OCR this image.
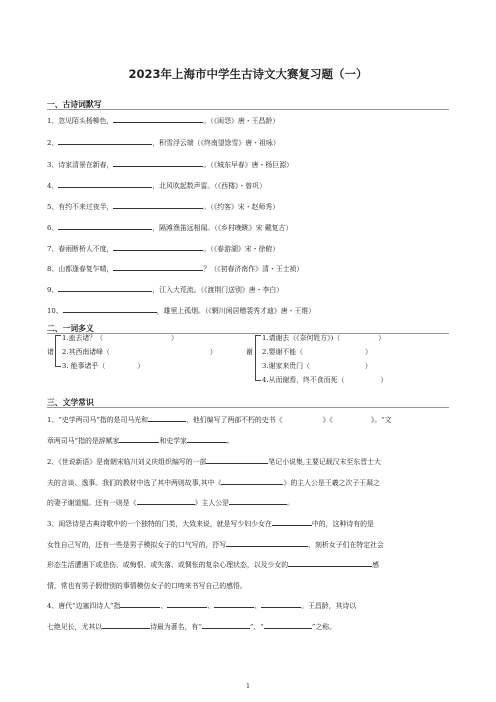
2023年上海市中学生古诗文大赛复习题（一）
一、古诗词默写
1、忽见陌头杨柳色，	。（《闺怨》唐・王昌龄）
2、	，积雪浮云端（《终南望馀雪》唐・祖咏）
3、诗家清景在新春，	。（《城东早春》唐・杨巨源）
4、	，北风吹起数声雷。（《西楼》・曾巩）
5、有约不来过夜半，	。（《约客》宋・赵师秀）
6、	，隔滩渔笛远相闻。（《乡村晚眺》宋 戴复古）
7、春雨断桥人不度，	。（《春游湖》宋・徐俯）
8、山都逢春复乍晴，	？（《初春济南作》清・王士祯）
9、	，江入大荒流。（《渡荆门送别》唐・李白）
10、	，雄里上孤烟。（《辋川闲居赠裴秀才迪》唐・王维）
二、一词多义
诸
1.盍去诸？（	）
2.其西南诸峰（	）
3. 能事诸乎（	）
谢
1.请谢去（《奈何姓方》)（	）
2.婴谢不能（	）
3.谢家来贵门（	）
4.从而谢焉，终不食而死（	）
三、文学常识
1、“史学两司马”指的是司马光和	，他们编写了两部不朽的史书《	》《	》。“文
章两司马”指的是辞赋家	和史学家	。
2、《世说新语》是南朝宋临川刘义庆组织编写的一部	笔记小说集,主要记载汉末至东晋士大
夫的言谈、逸事。我们的教材中选了其中两则故事,其中《	》的主人公是王羲之次子王凝之
的妻子谢道韫。还有一则是《	》主人公是	。
3、闺怨诗是古典诗歌中的一个独特的门类，大致来说，就是写少妇少女在	中的，这种诗有的是
女性自己写的，还有一些是男子模拟女子的口气写的，抒写	、刻析女子们在特定社会
形态生活遭遇下或悲伤、或悔恨、或失落、或惆怅的复杂心理状态，以及少女的	感
情，常也有男子假借别的事情模仿女子的口吻来书写自己的感悟。
4、唐代“边塞四诗人”指	、	、	、	。王昌龄，其诗以
七绝见长，尤其以	诗最为著名，有“	”、“	”之称。
1
